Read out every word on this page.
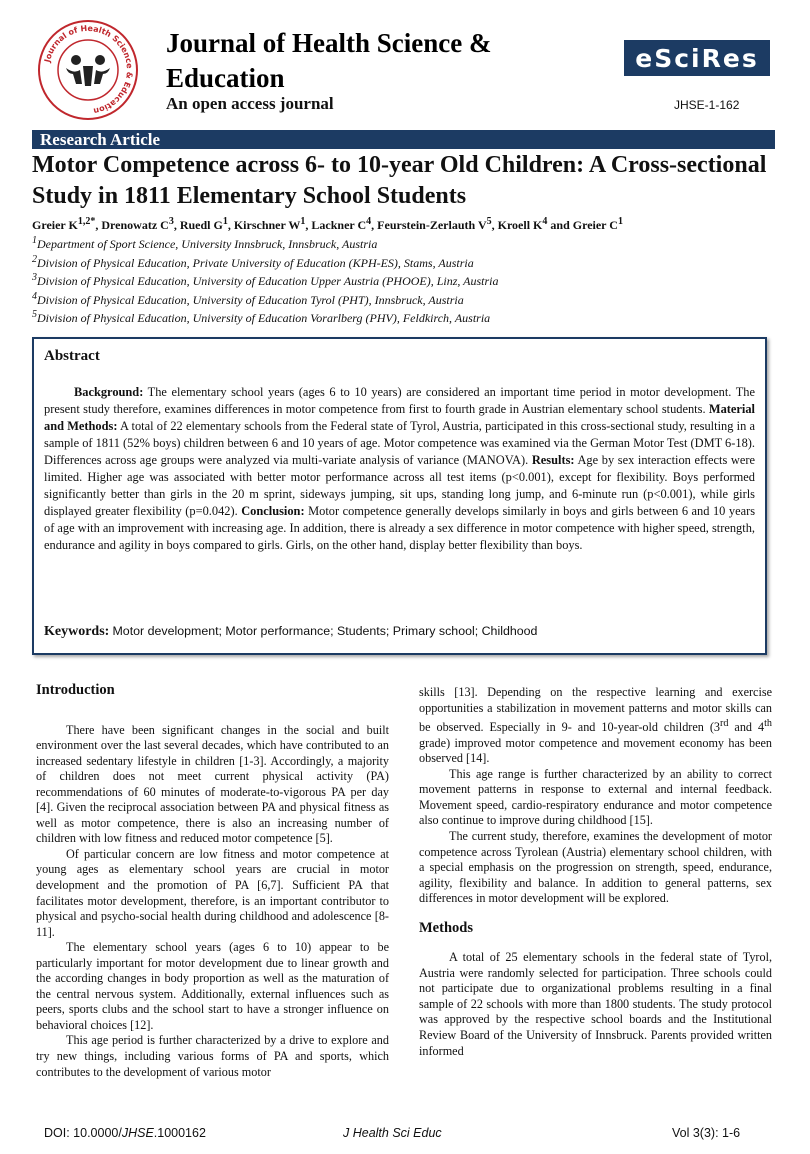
Journal of Health Science & Education
Journal of Health Science &
Education
An open access journal
eSciRes
JHSE-1-162
Research Article
Motor Competence across 6- to 10-year Old Children: A Cross-sectional Study in 1811 Elementary School Students
Greier $K^{1,2*}$, Drenowatz $C^3$, Ruedl $G^1$, Kirschner $W^1$, Lackner $C^4$, Feurstein-Zerlauth $V^5$, Kroell $K^4$ and Greier $C^1$
$^1$Department of Sport Science, University Innsbruck, Innsbruck, Austria
$^2$Division of Physical Education, Private University of Education (KPH-ES), Stams, Austria
$^3$Division of Physical Education, University of Education Upper Austria (PHOOE), Linz, Austria
$^4$Division of Physical Education, University of Education Tyrol (PHT), Innsbruck, Austria
$^5$Division of Physical Education, University of Education Vorarlberg (PHV), Feldkirch, Austria
Abstract

Background: The elementary school years (ages 6 to 10 years) are considered an important time period in motor development. The present study therefore, examines differences in motor competence from first to fourth grade in Austrian elementary school students. Material and Methods: A total of 22 elementary schools from the Federal state of Tyrol, Austria, participated in this cross-sectional study, resulting in a sample of 1811 (52% boys) children between 6 and 10 years of age. Motor competence was examined via the German Motor Test (DMT 6-18). Differences across age groups were analyzed via multi-variate analysis of variance (MANOVA). Results: Age by sex interaction effects were limited. Higher age was associated with better motor performance across all test items (p<0.001), except for flexibility. Boys performed significantly better than girls in the 20 m sprint, sideways jumping, sit ups, standing long jump, and 6-minute run (p<0.001), while girls displayed greater flexibility (p=0.042). Conclusion: Motor competence generally develops similarly in boys and girls between 6 and 10 years of age with an improvement with increasing age. In addition, there is already a sex difference in motor competence with higher speed, strength, endurance and agility in boys compared to girls. Girls, on the other hand, display better flexibility than boys.

Keywords: Motor development; Motor performance; Students; Primary school; Childhood
Introduction

There have been significant changes in the social and built environment over the last several decades, which have contributed to an increased sedentary lifestyle in children [1-3]. Accordingly, a majority of children does not meet current physical activity (PA) recommendations of 60 minutes of moderate-to-vigorous PA per day [4]. Given the reciprocal association between PA and physical fitness as well as motor competence, there is also an increasing number of children with low fitness and reduced motor competence [5].

Of particular concern are low fitness and motor competence at young ages as elementary school years are crucial in motor development and the promotion of PA [6,7]. Sufficient PA that facilitates motor development, therefore, is an important contributor to physical and psycho-social health during childhood and adolescence [8-11].

The elementary school years (ages 6 to 10) appear to be particularly important for motor development due to linear growth and the according changes in body proportion as well as the maturation of the central nervous system. Additionally, external influences such as peers, sports clubs and the school start to have a stronger influence on behavioral choices [12].

This age period is further characterized by a drive to explore and try new things, including various forms of PA and sports, which contributes to the development of various motor

skills [13]. Depending on the respective learning and exercise opportunities a stabilization in movement patterns and motor skills can be observed. Especially in 9- and 10-year-old children (3rd and 4th grade) improved motor competence and movement economy has been observed [14].

This age range is further characterized by an ability to correct movement patterns in response to external and internal feedback. Movement speed, cardio-respiratory endurance and motor competence also continue to improve during childhood [15].

The current study, therefore, examines the development of motor competence across Tyrolean (Austria) elementary school children, with a special emphasis on the progression on strength, speed, endurance, agility, flexibility and balance. In addition to general patterns, sex differences in motor development will be explored.

Methods

A total of 25 elementary schools in the federal state of Tyrol, Austria were randomly selected for participation. Three schools could not participate due to organizational problems resulting in a final sample of 22 schools with more than 1800 students. The study protocol was approved by the respective school boards and the Institutional Review Board of the University of Innsbruck. Parents provided written informed

DOI: 10.0000/JHSE.1000162	J Health Sci Educ	Vol 3(3): 1-6
